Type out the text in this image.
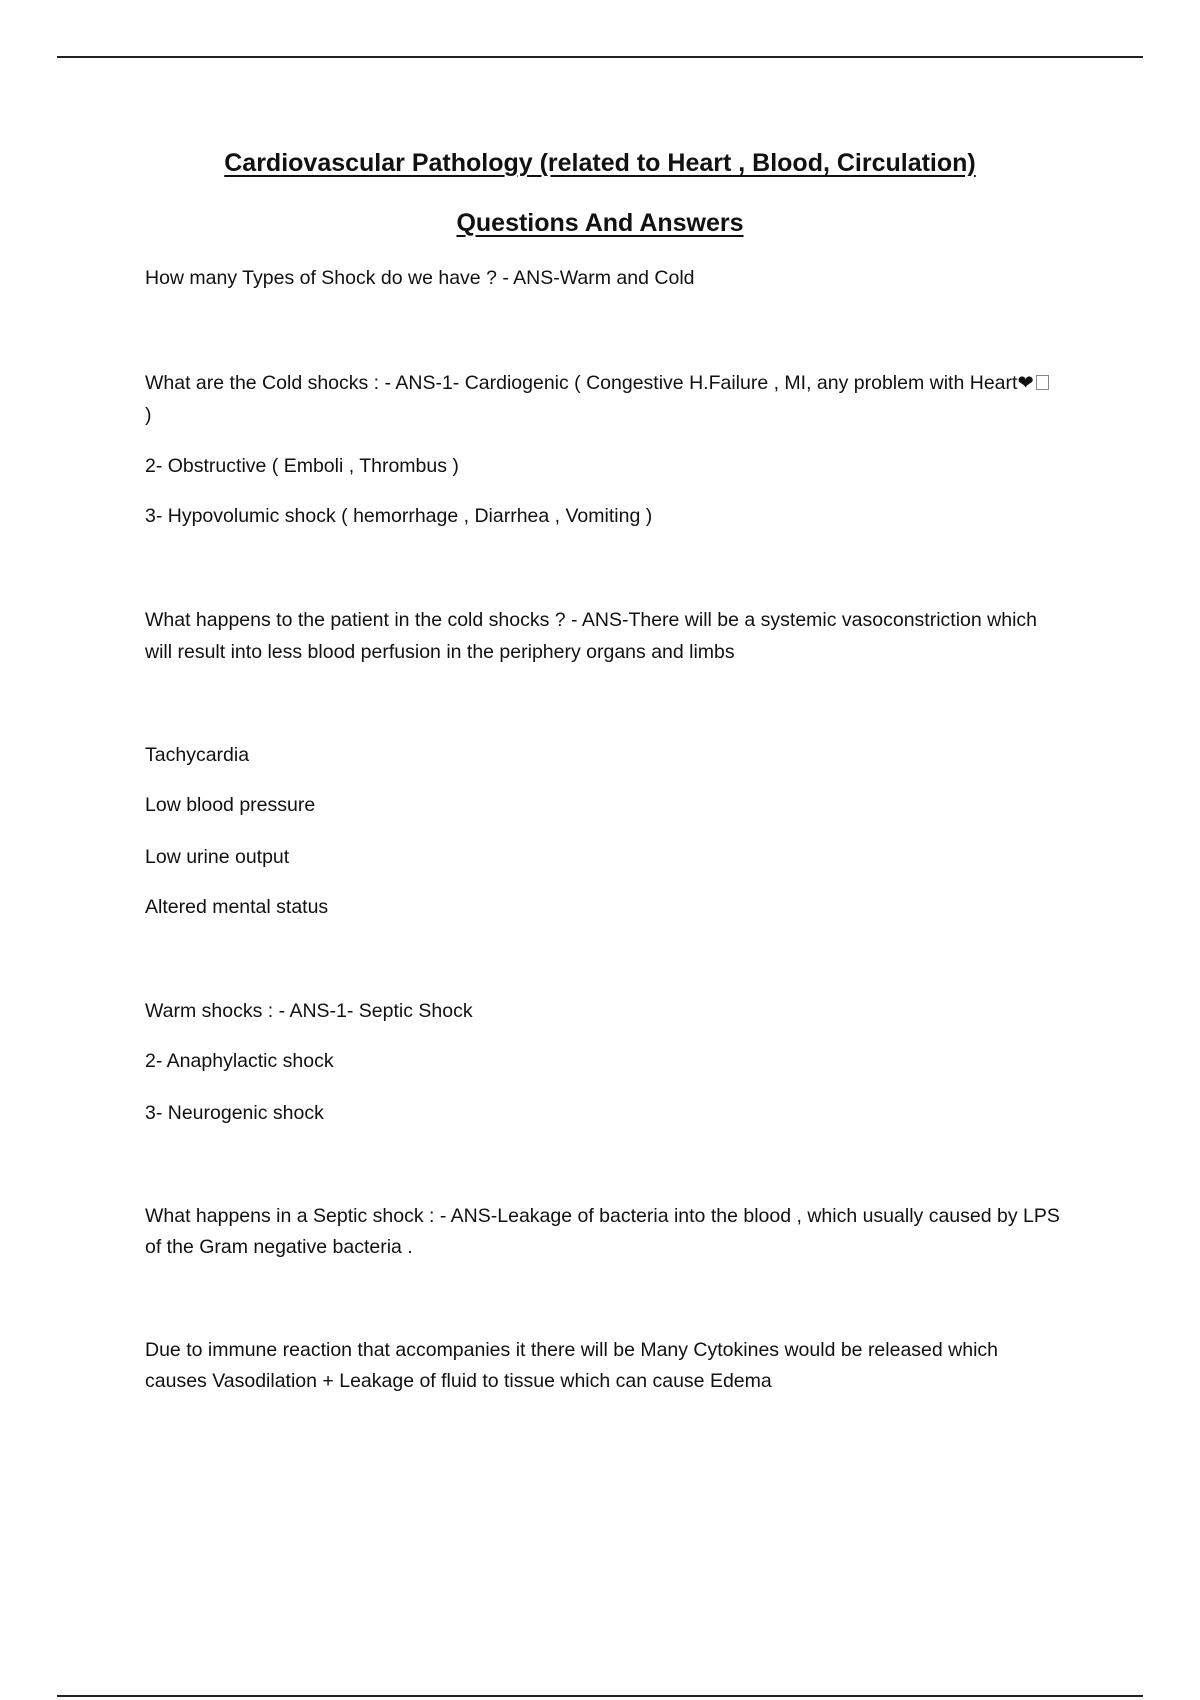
Cardiovascular Pathology (related to Heart , Blood, Circulation)
Questions And Answers

How many Types of Shock do we have ? - ANS-Warm and Cold

What are the Cold shocks : - ANS-1- Cardiogenic ( Congestive H.Failure , MI, any problem with Heart❤

)

2- Obstructive ( Emboli , Thrombus )

3- Hypovolumic shock ( hemorrhage , Diarrhea , Vomiting )

What happens to the patient in the cold shocks ? - ANS-There will be a systemic vasoconstriction which

will result into less blood perfusion in the periphery organs and limbs

Tachycardia

Low blood pressure

Low urine output

Altered mental status

Warm shocks : - ANS-1- Septic Shock

2- Anaphylactic shock

3- Neurogenic shock

What happens in a Septic shock : - ANS-Leakage of bacteria into the blood , which usually caused by LPS

of the Gram negative bacteria .

Due to immune reaction that accompanies it there will be Many Cytokines would be released which

causes Vasodilation + Leakage of fluid to tissue which can cause Edema
